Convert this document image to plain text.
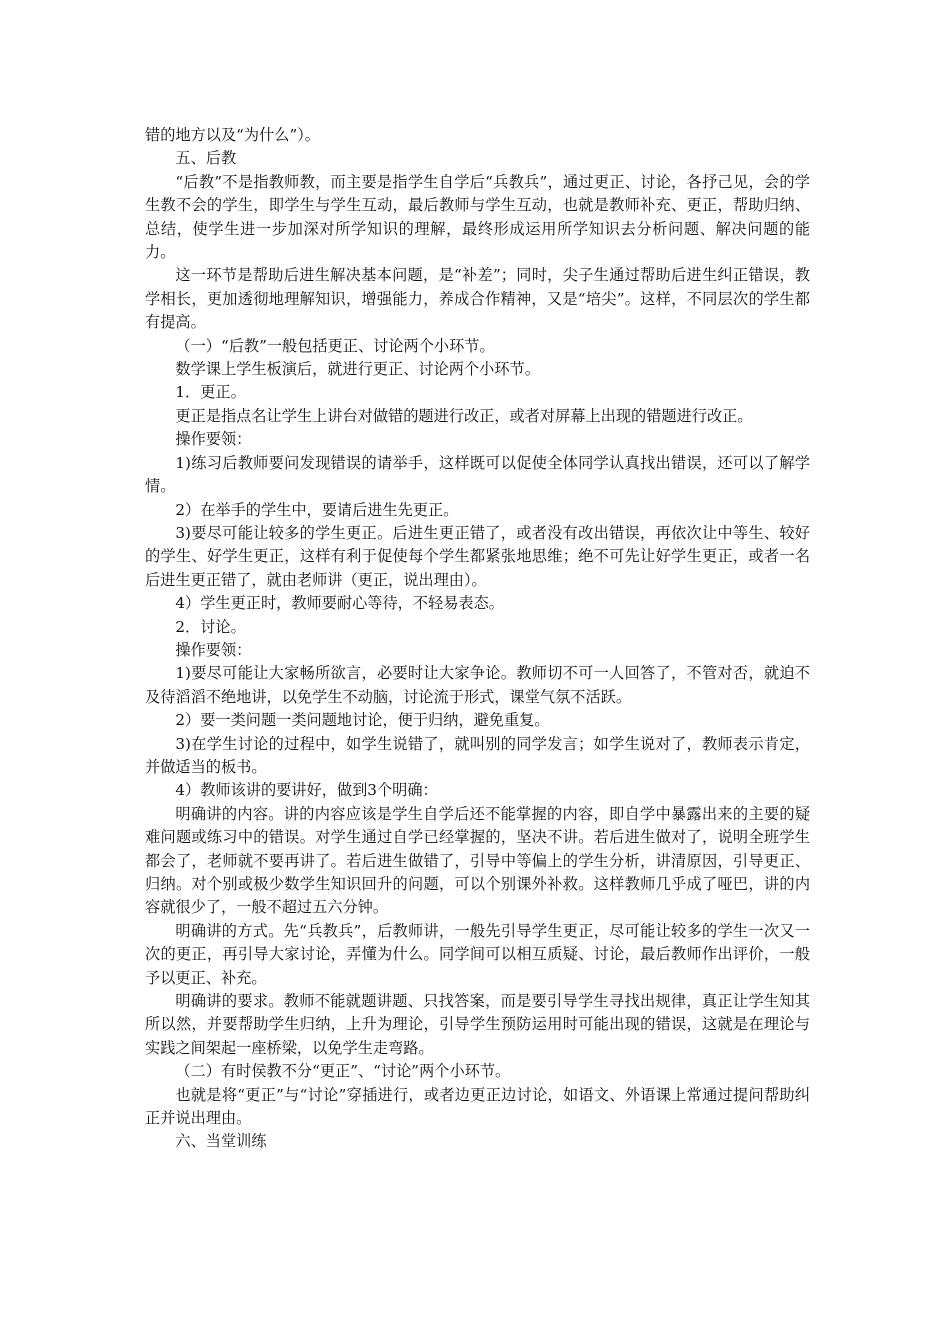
错的地方以及“为什么”）。

五、后教

“后教”不是指教师教，而主要是指学生自学后“兵教兵”，通过更正、讨论，各抒己见，会的学生教不会的学生，即学生与学生互动，最后教师与学生互动，也就是教师补充、更正，帮助归纳、总结，使学生进一步加深对所学知识的理解，最终形成运用所学知识去分析问题、解决问题的能力。

这一环节是帮助后进生解决基本问题，是“补差”；同时，尖子生通过帮助后进生纠正错误，教学相长，更加透彻地理解知识，增强能力，养成合作精神，又是“培尖”。这样，不同层次的学生都有提高。

（一）“后教”一般包括更正、讨论两个小环节。

数学课上学生板演后，就进行更正、讨论两个小环节。

1．更正。

更正是指点名让学生上讲台对做错的题进行改正，或者对屏幕上出现的错题进行改正。

操作要领：

1)练习后教师要问发现错误的请举手，这样既可以促使全体同学认真找出错误，还可以了解学情。

2）在举手的学生中，要请后进生先更正。

3)要尽可能让较多的学生更正。后进生更正错了，或者没有改出错误，再依次让中等生、较好的学生、好学生更正，这样有利于促使每个学生都紧张地思维；绝不可先让好学生更正，或者一名后进生更正错了，就由老师讲（更正，说出理由）。

4）学生更正时，教师要耐心等待，不轻易表态。

2．讨论。

操作要领：

1)要尽可能让大家畅所欲言，必要时让大家争论。教师切不可一人回答了，不管对否，就迫不及待滔滔不绝地讲，以免学生不动脑，讨论流于形式，课堂气氛不活跃。

2）要一类问题一类问题地讨论，便于归纳，避免重复。

3)在学生讨论的过程中，如学生说错了，就叫别的同学发言；如学生说对了，教师表示肯定，并做适当的板书。

4）教师该讲的要讲好，做到3个明确：

明确讲的内容。讲的内容应该是学生自学后还不能掌握的内容，即自学中暴露出来的主要的疑难问题或练习中的错误。对学生通过自学已经掌握的，坚决不讲。若后进生做对了，说明全班学生都会了，老师就不要再讲了。若后进生做错了，引导中等偏上的学生分析，讲清原因，引导更正、归纳。对个别或极少数学生知识回升的问题，可以个别课外补救。这样教师几乎成了哑巴，讲的内容就很少了，一般不超过五六分钟。

明确讲的方式。先“兵教兵”，后教师讲，一般先引导学生更正，尽可能让较多的学生一次又一次的更正，再引导大家讨论，弄懂为什么。同学间可以相互质疑、讨论，最后教师作出评价，一般予以更正、补充。

明确讲的要求。教师不能就题讲题、只找答案，而是要引导学生寻找出规律，真正让学生知其所以然，并要帮助学生归纳，上升为理论，引导学生预防运用时可能出现的错误，这就是在理论与实践之间架起一座桥梁，以免学生走弯路。

（二）有时侯教不分“更正”、“讨论”两个小环节。

也就是将“更正”与“讨论”穿插进行，或者边更正边讨论，如语文、外语课上常通过提问帮助纠正并说出理由。

六、当堂训练
